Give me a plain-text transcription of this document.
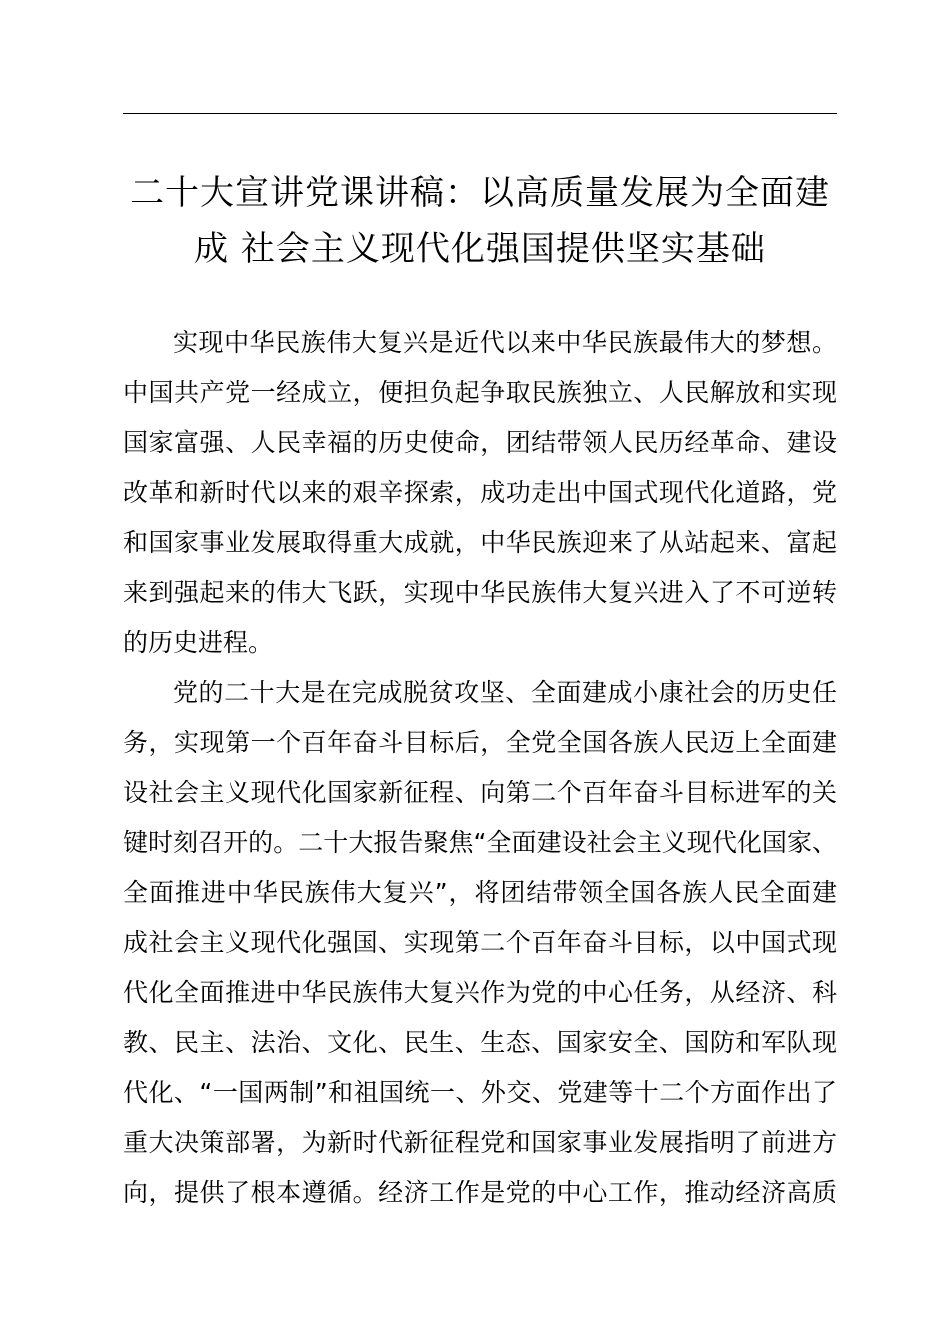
二十大宣讲党课讲稿：以高质量发展为全面建
成 社会主义现代化强国提供坚实基础

实现中华民族伟大复兴是近代以来中华民族最伟大的梦想。
中国共产党一经成立，便担负起争取民族独立、人民解放和实现
国家富强、人民幸福的历史使命，团结带领人民历经革命、建设
改革和新时代以来的艰辛探索，成功走出中国式现代化道路，党
和国家事业发展取得重大成就，中华民族迎来了从站起来、富起
来到强起来的伟大飞跃，实现中华民族伟大复兴进入了不可逆转
的历史进程。

党的二十大是在完成脱贫攻坚、全面建成小康社会的历史任
务，实现第一个百年奋斗目标后，全党全国各族人民迈上全面建
设社会主义现代化国家新征程、向第二个百年奋斗目标进军的关
键时刻召开的。二十大报告聚焦“全面建设社会主义现代化国家、
全面推进中华民族伟大复兴”，将团结带领全国各族人民全面建
成社会主义现代化强国、实现第二个百年奋斗目标，以中国式现
代化全面推进中华民族伟大复兴作为党的中心任务，从经济、科
教、民主、法治、文化、民生、生态、国家安全、国防和军队现
代化、“一国两制”和祖国统一、外交、党建等十二个方面作出了
重大决策部署，为新时代新征程党和国家事业发展指明了前进方
向，提供了根本遵循。经济工作是党的中心工作，推动经济高质
